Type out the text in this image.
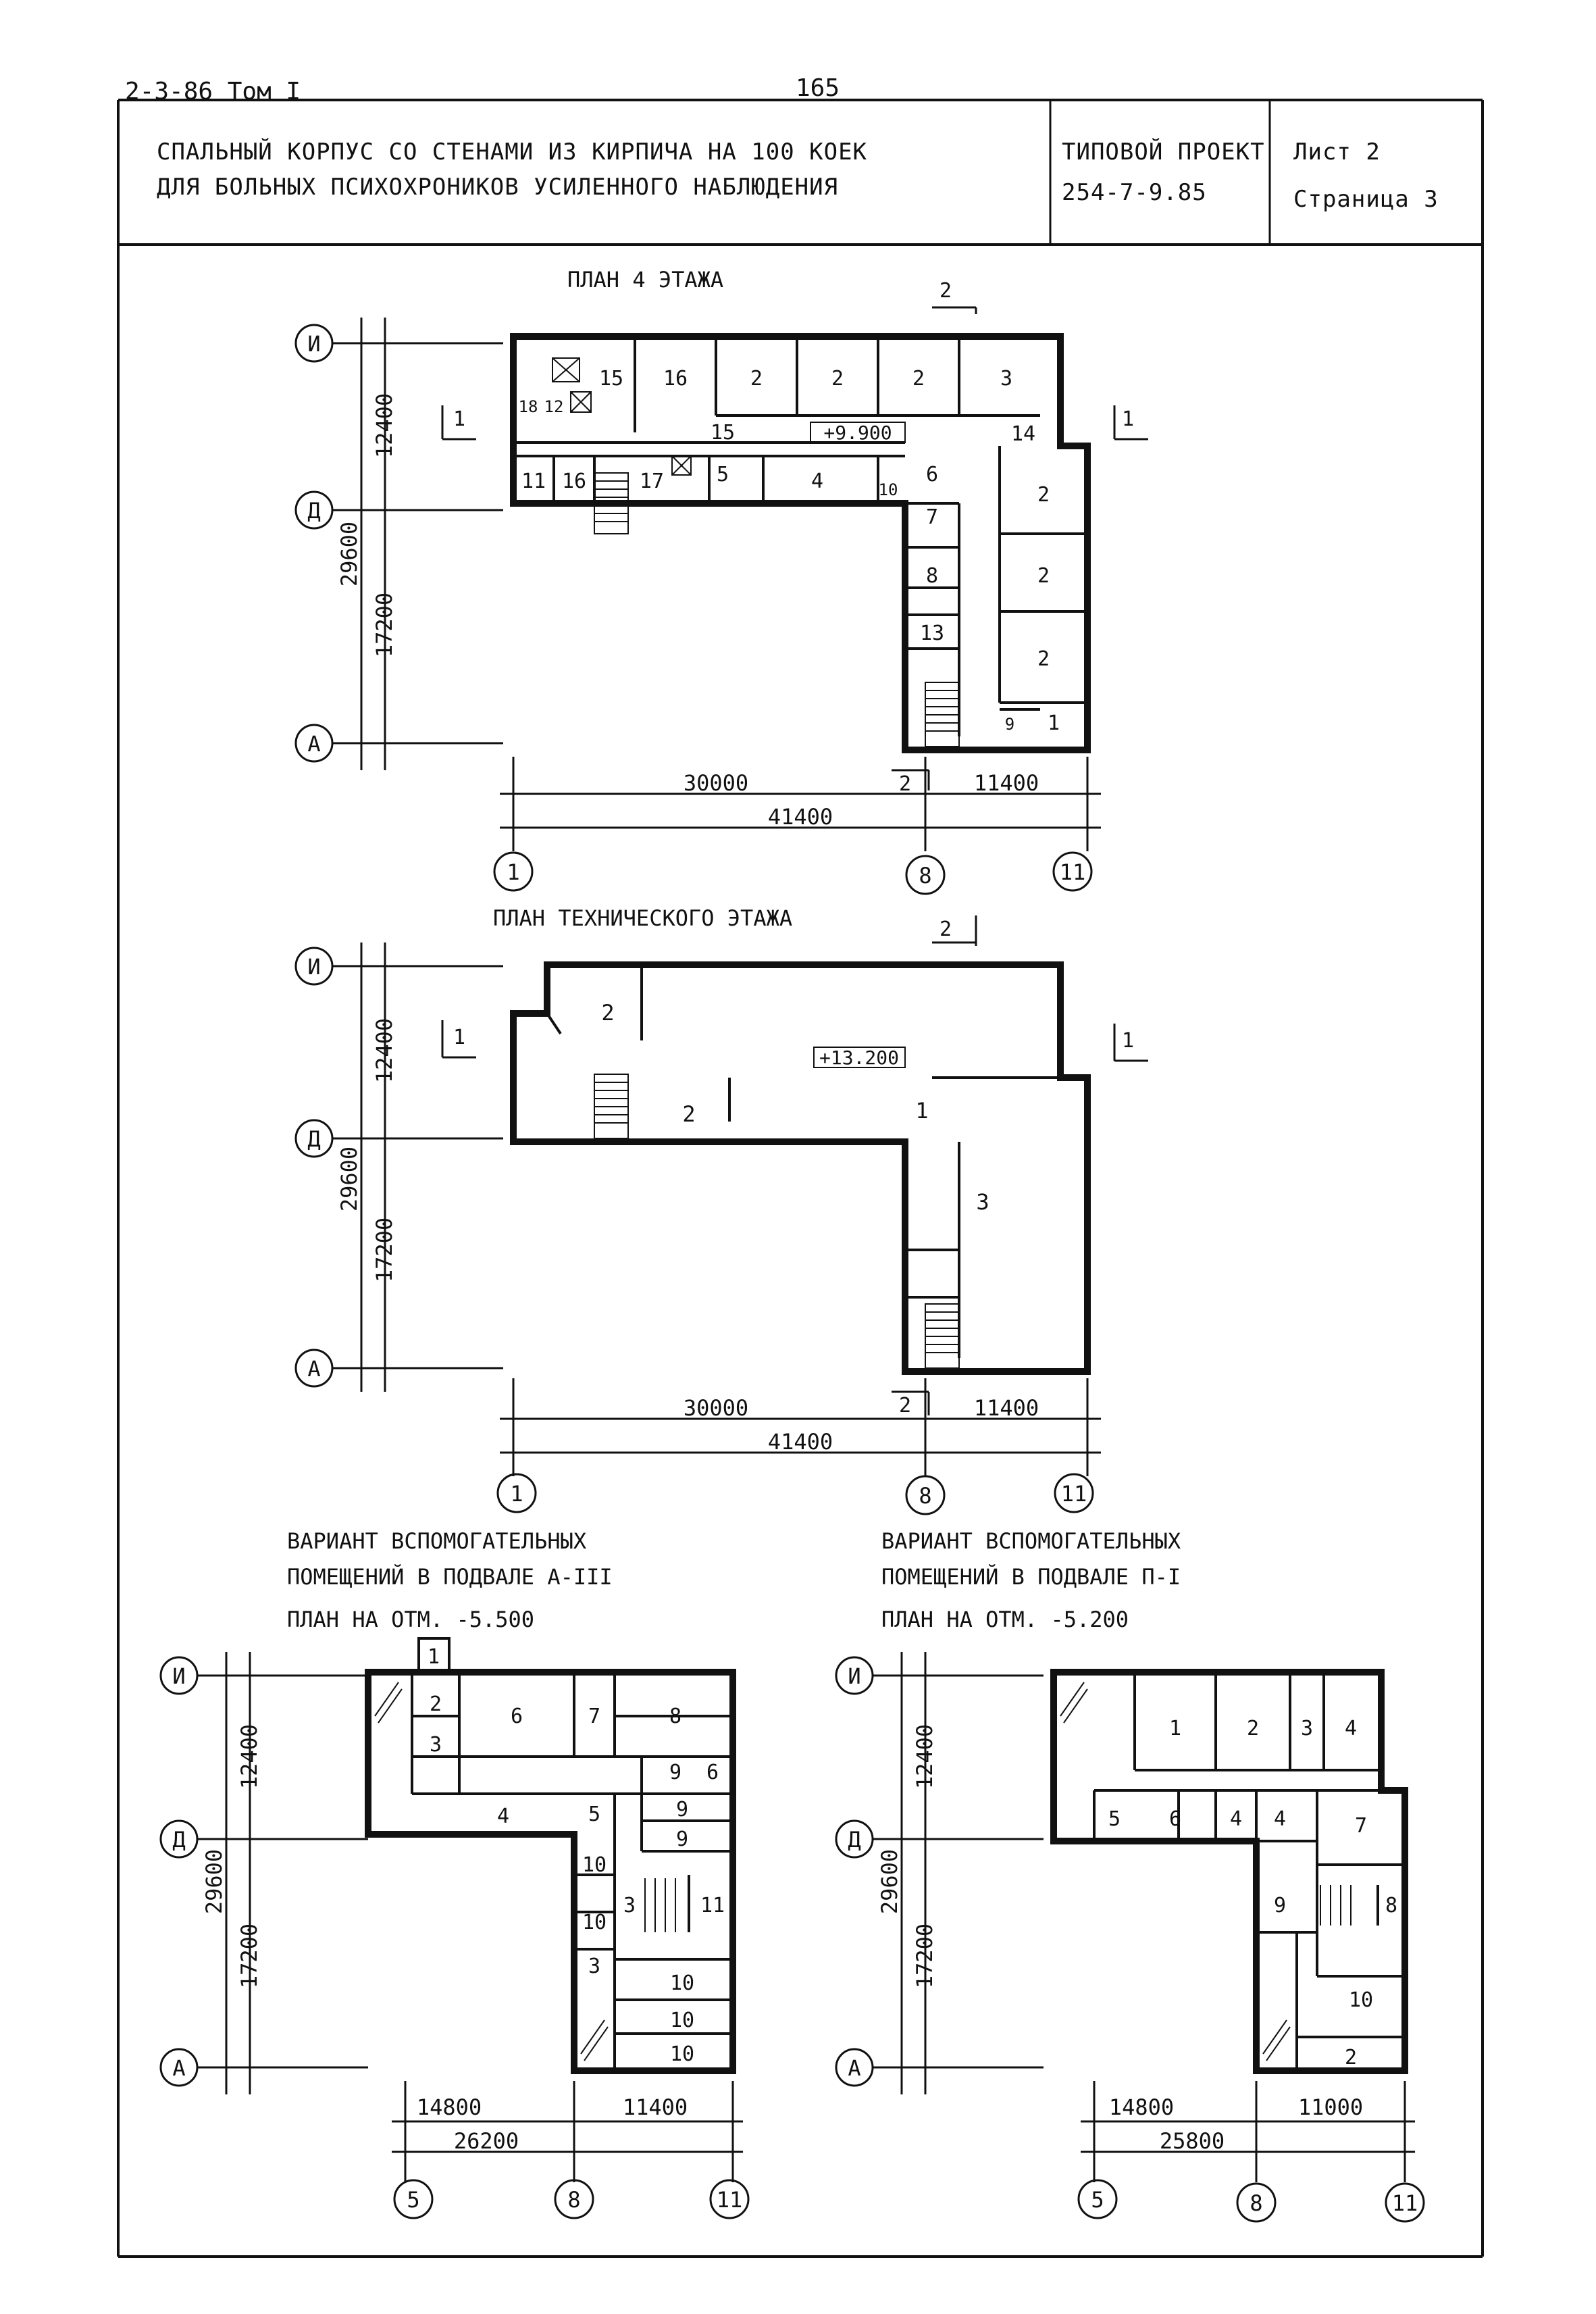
2-3-86 Том I	165
СПАЛЬНЫЙ КОРПУС СО СТЕНАМИ ИЗ КИРПИЧА НА 100 КОЕК
ДЛЯ БОЛЬНЫХ ПСИХОХРОНИКОВ УСИЛЕННОГО НАБЛЮДЕНИЯ
ТИПОВОЙ ПРОЕКТ
254-7-9.85
Лист 2
Страница 3
ПЛАН 4 ЭТАЖА
И
Д
А
12400
17200
29600
+9.900
16	2	2	2	3
15
18 12
15	14
11 16	17	5	4	10
6
2
7
2
8
13
2
9 1
1	1
2
2
30000	11400
41400
1	8	11
ПЛАН ТЕХНИЧЕСКОГО ЭТАЖА
И
Д
А
12400
17200
29600
+13.200
2
2	1
3
1	1
2
2
30000	11400
41400
1	8	11
ВАРИАНТ ВСПОМОГАТЕЛЬНЫХ
ПОМЕЩЕНИЙ В ПОДВАЛЕ А-III
ПЛАН НА ОТМ. -5.500
И
Д
А
12400
17200
29600
1
2
6	7	8
3
9 6
4	5	9
9
10
10
3	11
3
10
10
10
14800	11400
26200
5	8	11
ВАРИАНТ ВСПОМОГАТЕЛЬНЫХ
ПОМЕЩЕНИЙ В ПОДВАЛЕ П-I
ПЛАН НА ОТМ. -5.200
И
Д
А
12400
17200
29600
1	2 3 4
5 6 4 4	7
9	8
10
2
14800	11000
25800
5	8	11
